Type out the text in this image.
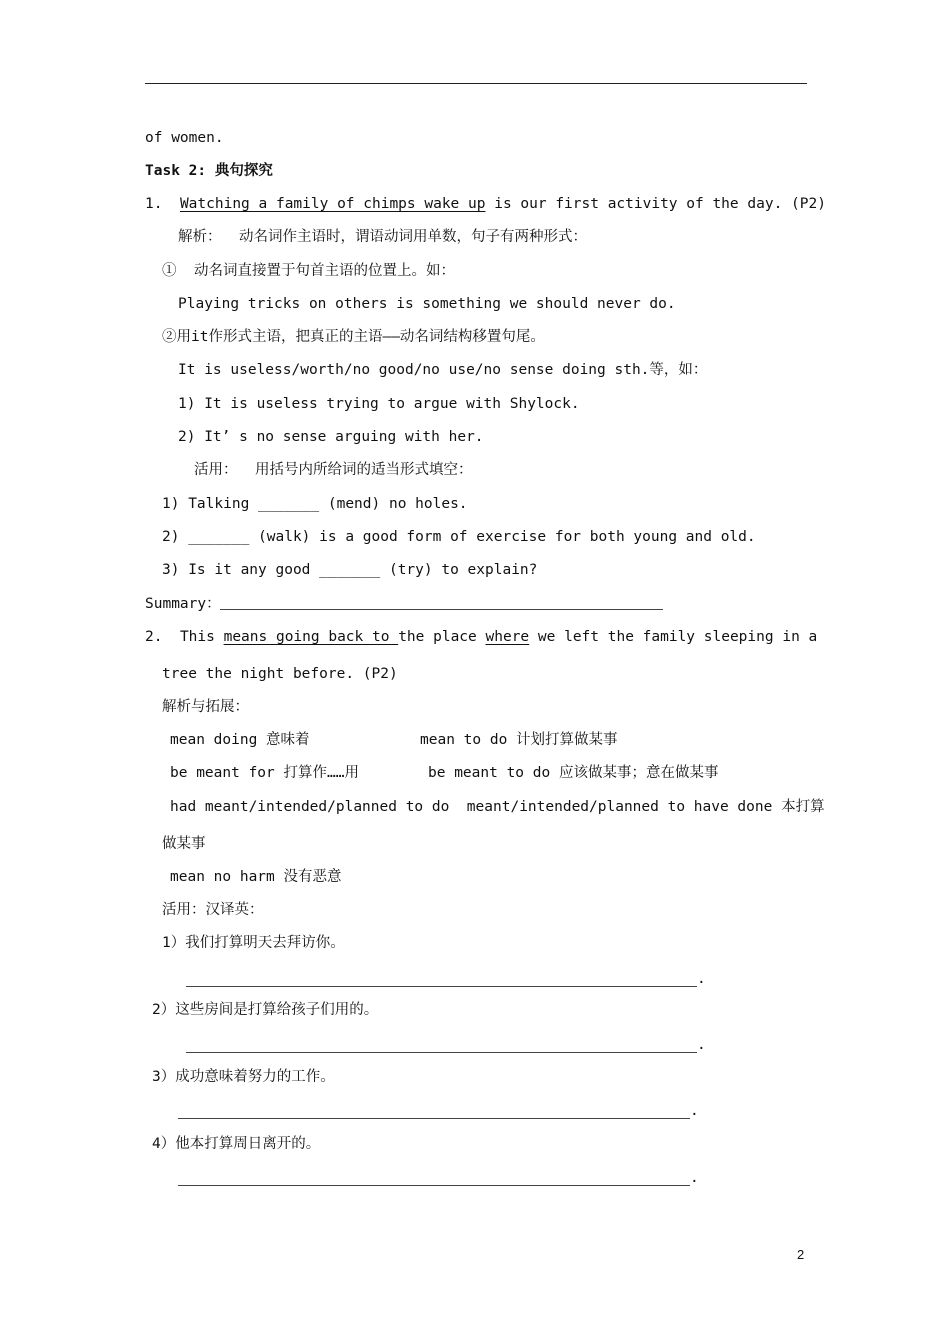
of women.
Task 2: 典句探究
1. Watching a family of chimps wake up is our first activity of the day. (P2)
解析：  动名词作主语时，谓语动词用单数，句子有两种形式：
①  动名词直接置于句首主语的位置上。如：
Playing tricks on others is something we should never do.
②用it作形式主语，把真正的主语——动名词结构移置句尾。
It is useless/worth/no good/no use/no sense doing sth.等，如：
1) It is useless trying to argue with Shylock.
2) It’ s no sense arguing with her.
活用：  用括号内所给词的适当形式填空：
1) Talking _______ (mend) no holes.
2) _______ (walk) is a good form of exercise for both young and old.
3) Is it any good _______ (try) to explain?
Summary：
2. This means going back to the place where we left the family sleeping in a
tree the night before. (P2)
解析与拓展：
mean doing 意味着	mean to do 计划打算做某事
be meant for 打算作……用	be meant to do 应该做某事；意在做某事
had meant/intended/planned to do  meant/intended/planned to have done 本打算
做某事
mean no harm 没有恶意
活用：汉译英：
1）我们打算明天去拜访你。
.
2）这些房间是打算给孩子们用的。
.
3）成功意味着努力的工作。
.
4）他本打算周日离开的。
.
2
